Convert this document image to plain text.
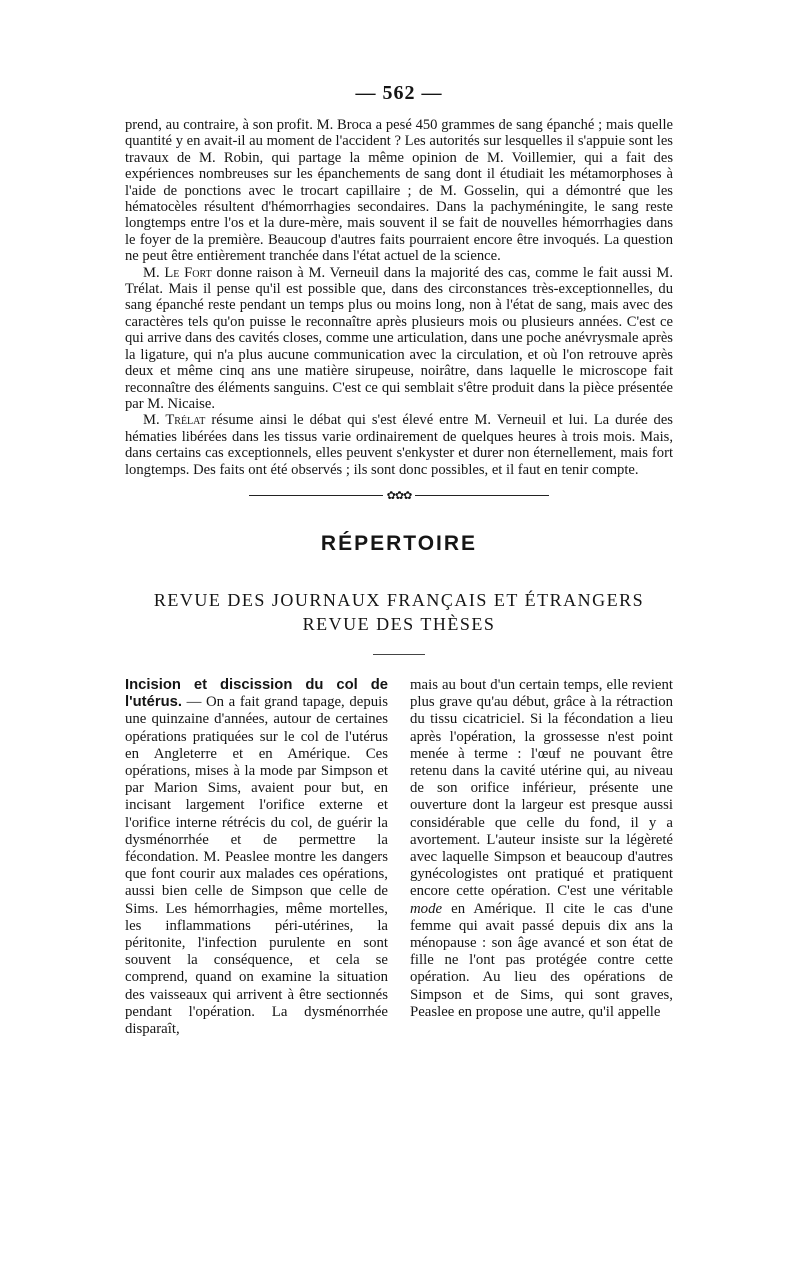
— 562 —

prend, au contraire, à son profit. M. Broca a pesé 450 grammes de sang épanché ; mais quelle quantité y en avait-il au moment de l'accident ? Les autorités sur lesquelles il s'appuie sont les travaux de M. Robin, qui partage la même opinion de M. Voillemier, qui a fait des expériences nombreuses sur les épanchements de sang dont il étudiait les métamorphoses à l'aide de ponctions avec le trocart capillaire ; de M. Gosselin, qui a démontré que les hématocèles résultent d'hémorrhagies secondaires. Dans la pachyméningite, le sang reste longtemps entre l'os et la dure-mère, mais souvent il se fait de nouvelles hémorrhagies dans le foyer de la première. Beaucoup d'autres faits pourraient encore être invoqués. La question ne peut être entièrement tranchée dans l'état actuel de la science.

M. Le Fort donne raison à M. Verneuil dans la majorité des cas, comme le fait aussi M. Trélat. Mais il pense qu'il est possible que, dans des circonstances très-exceptionnelles, du sang épanché reste pendant un temps plus ou moins long, non à l'état de sang, mais avec des caractères tels qu'on puisse le reconnaître après plusieurs mois ou plusieurs années. C'est ce qui arrive dans des cavités closes, comme une articulation, dans une poche anévrysmale après la ligature, qui n'a plus aucune communication avec la circulation, et où l'on retrouve après deux et même cinq ans une matière sirupeuse, noirâtre, dans laquelle le microscope fait reconnaître des éléments sanguins. C'est ce qui semblait s'être produit dans la pièce présentée par M. Nicaise.

M. Trélat résume ainsi le débat qui s'est élevé entre M. Verneuil et lui. La durée des hématies libérées dans les tissus varie ordinairement de quelques heures à trois mois. Mais, dans certains cas exceptionnels, elles peuvent s'enkyster et durer non éternellement, mais fort longtemps. Des faits ont été observés ; ils sont donc possibles, et il faut en tenir compte.

✿✿✿
RÉPERTOIRE
REVUE DES JOURNAUX FRANÇAIS ET ÉTRANGERS
REVUE DES THÈSES

Incision et discission du col de l'utérus. — On a fait grand tapage, depuis une quinzaine d'années, autour de certaines opérations pratiquées sur le col de l'utérus en Angleterre et en Amérique. Ces opérations, mises à la mode par Simpson et par Marion Sims, avaient pour but, en incisant largement l'orifice externe et l'orifice interne rétrécis du col, de guérir la dysménorrhée et de permettre la fécondation. M. Peaslee montre les dangers que font courir aux malades ces opérations, aussi bien celle de Simpson que celle de Sims. Les hémorrhagies, même mortelles, les inflammations péri-utérines, la péritonite, l'infection purulente en sont souvent la conséquence, et cela se comprend, quand on examine la situation des vaisseaux qui arrivent à être sectionnés pendant l'opération. La dysménorrhée disparaît,

mais au bout d'un certain temps, elle revient plus grave qu'au début, grâce à la rétraction du tissu cicatriciel. Si la fécondation a lieu après l'opération, la grossesse n'est point menée à terme : l'œuf ne pouvant être retenu dans la cavité utérine qui, au niveau de son orifice inférieur, présente une ouverture dont la largeur est presque aussi considérable que celle du fond, il y a avortement. L'auteur insiste sur la légèreté avec laquelle Simpson et beaucoup d'autres gynécologistes ont pratiqué et pratiquent encore cette opération. C'est une véritable mode en Amérique. Il cite le cas d'une femme qui avait passé depuis dix ans la ménopause : son âge avancé et son état de fille ne l'ont pas protégée contre cette opération. Au lieu des opérations de Simpson et de Sims, qui sont graves, Peaslee en propose une autre, qu'il appelle
